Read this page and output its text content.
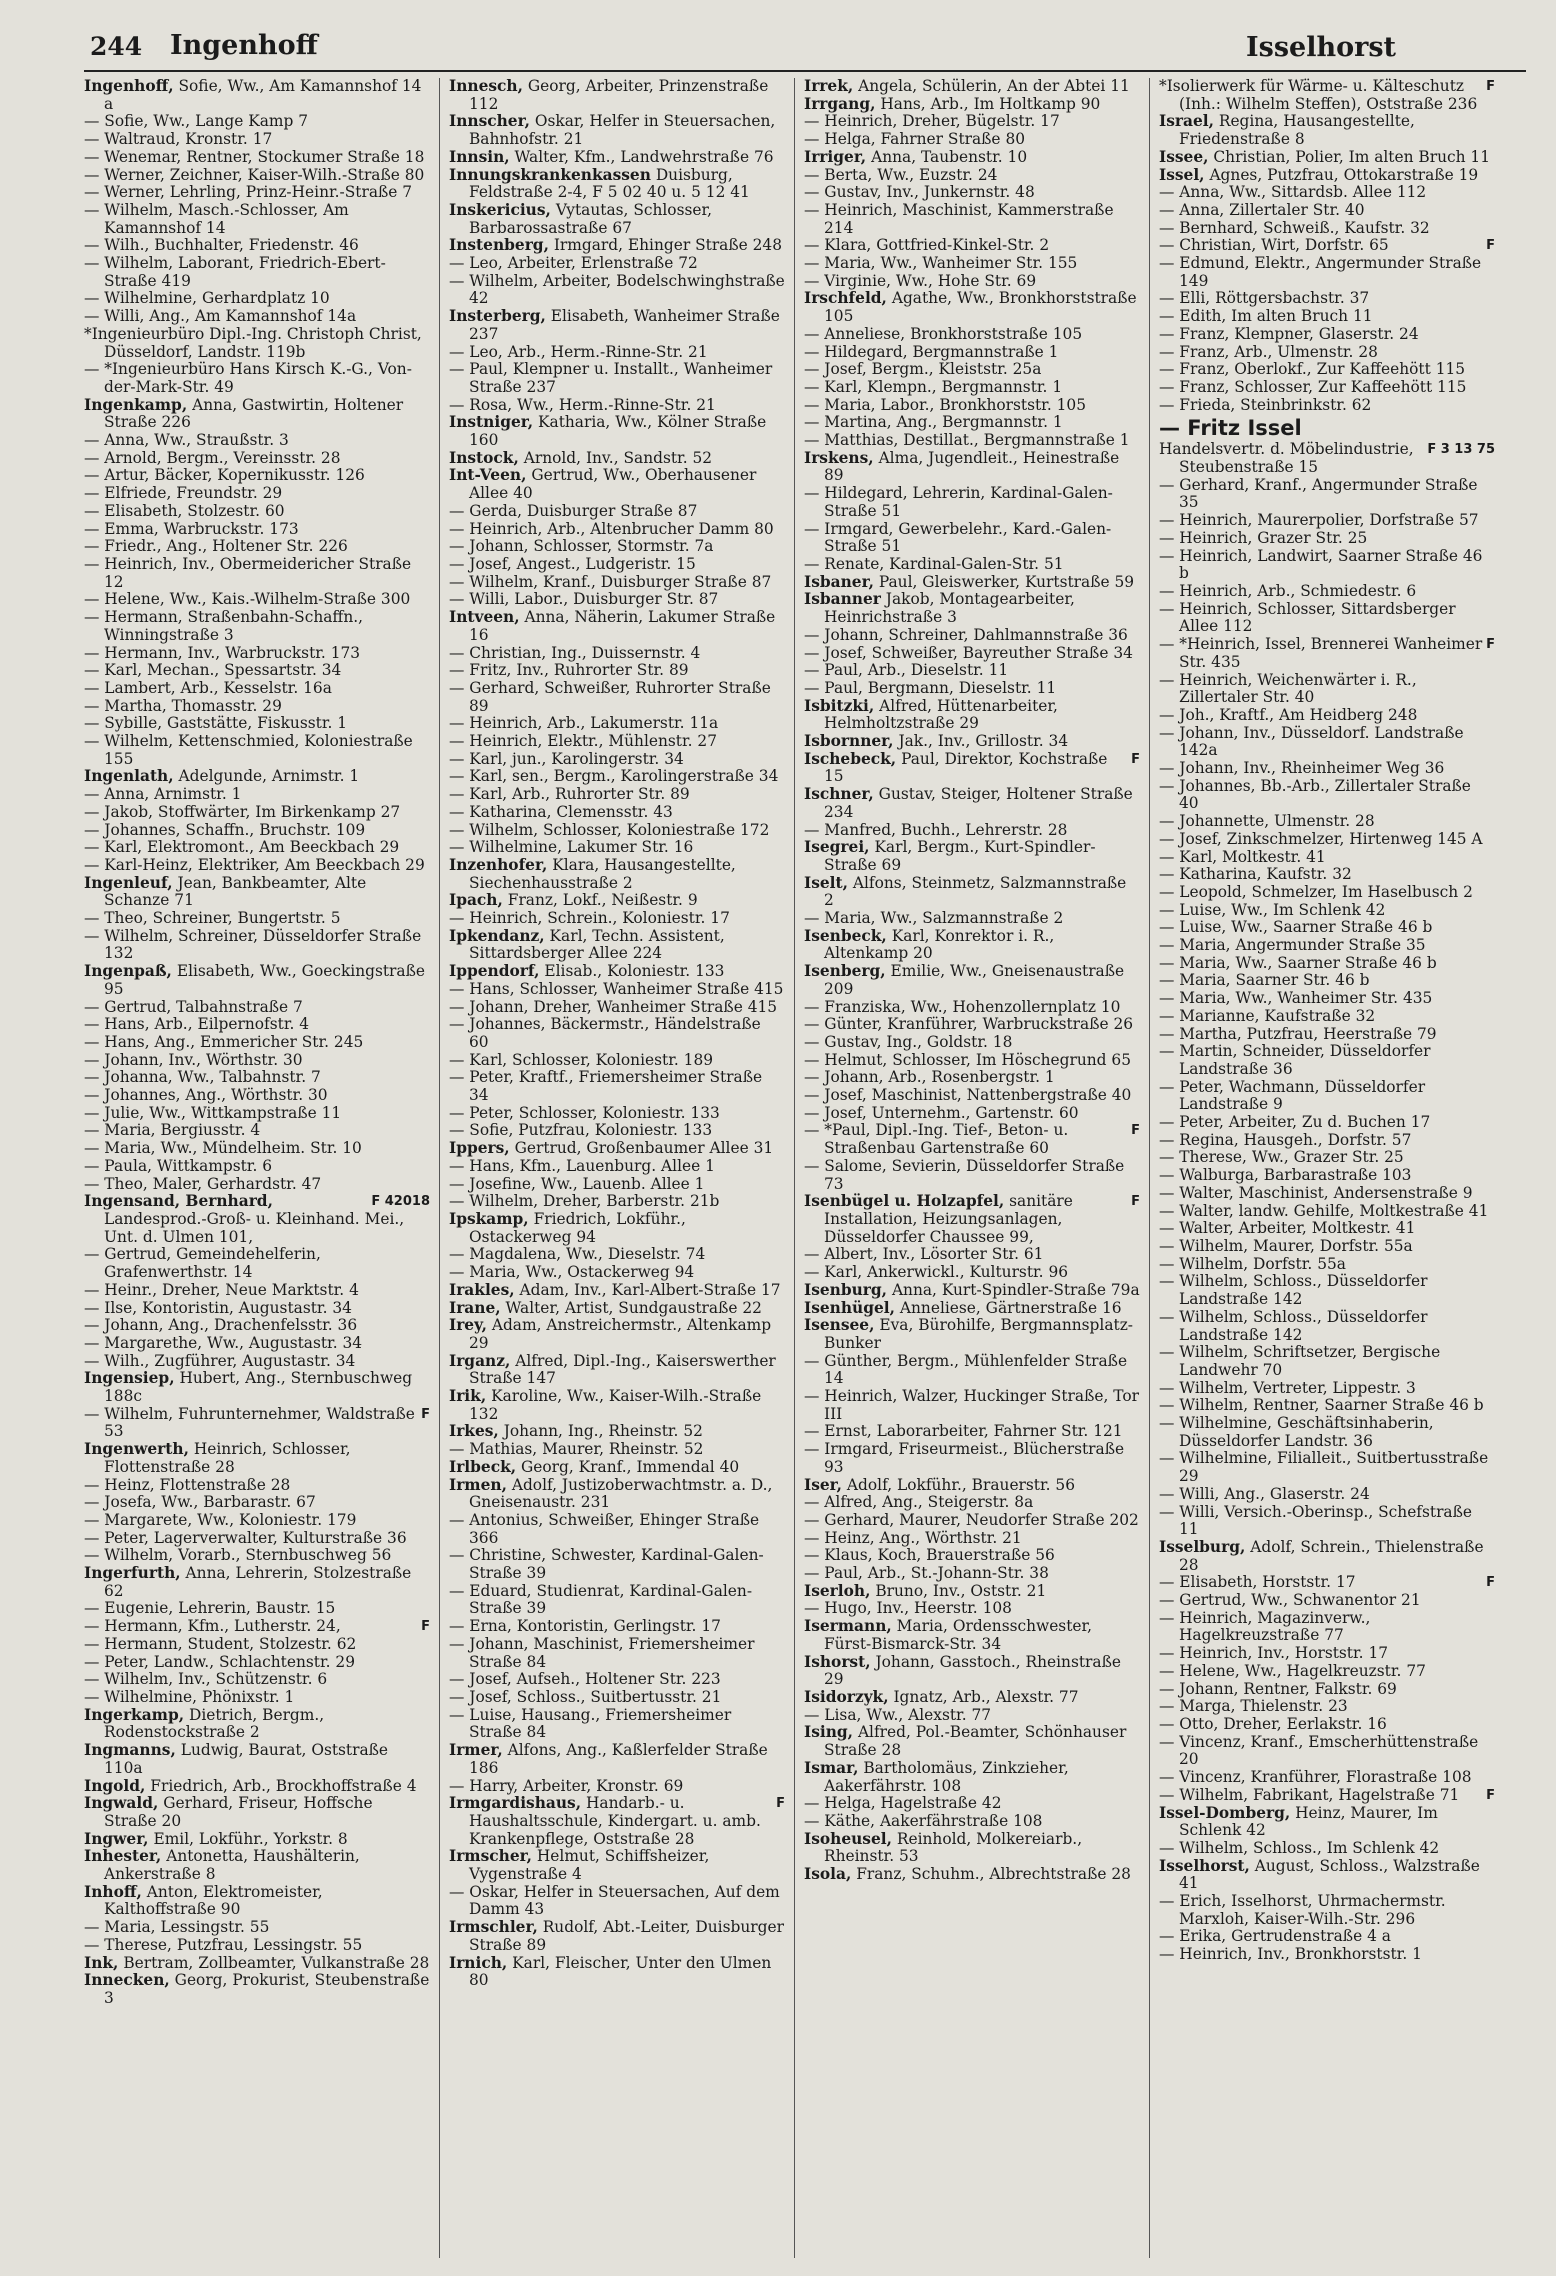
244 Ingenhoff	Isselhorst
Ingenhoff, Sofie, Ww., Am Kamannshof 14 a
— Sofie, Ww., Lange Kamp 7
— Waltraud, Kronstr. 17
— Wenemar, Rentner, Stockumer Straße 18
— Werner, Zeichner, Kaiser-Wilh.-Straße 80
— Werner, Lehrling, Prinz-Heinr.-Straße 7
— Wilhelm, Masch.-Schlosser, Am Kamannshof 14
— Wilh., Buchhalter, Friedenstr. 46
— Wilhelm, Laborant, Friedrich-Ebert-Straße 419
— Wilhelmine, Gerhardplatz 10
— Willi, Ang., Am Kamannshof 14a
*Ingenieurbüro Dipl.-Ing. Christoph Christ, Düsseldorf, Landstr. 119b
— *Ingenieurbüro Hans Kirsch K.-G., Von-der-Mark-Str. 49
Ingenkamp, Anna, Gastwirtin, Holtener Straße 226
— Anna, Ww., Straußstr. 3
— Arnold, Bergm., Vereinsstr. 28
— Artur, Bäcker, Kopernikusstr. 126
— Elfriede, Freundstr. 29
— Elisabeth, Stolzestr. 60
— Emma, Warbruckstr. 173
— Friedr., Ang., Holtener Str. 226
— Heinrich, Inv., Obermeidericher Straße 12
— Helene, Ww., Kais.-Wilhelm-Straße 300
— Hermann, Straßenbahn-Schaffn., Winningstraße 3
— Hermann, Inv., Warbruckstr. 173
— Karl, Mechan., Spessartstr. 34
— Lambert, Arb., Kesselstr. 16a
— Martha, Thomasstr. 29
— Sybille, Gaststätte, Fiskusstr. 1
— Wilhelm, Kettenschmied, Koloniestraße 155
Ingenlath, Adelgunde, Arnimstr. 1
— Anna, Arnimstr. 1
— Jakob, Stoffwärter, Im Birkenkamp 27
— Johannes, Schaffn., Bruchstr. 109
— Karl, Elektromont., Am Beeckbach 29
— Karl-Heinz, Elektriker, Am Beeckbach 29
Ingenleuf, Jean, Bankbeamter, Alte Schanze 71
— Theo, Schreiner, Bungertstr. 5
— Wilhelm, Schreiner, Düsseldorfer Straße 132
Ingenpaß, Elisabeth, Ww., Goeckingstraße 95
— Gertrud, Talbahnstraße 7
— Hans, Arb., Eilpernofstr. 4
— Hans, Ang., Emmericher Str. 245
— Johann, Inv., Wörthstr. 30
— Johanna, Ww., Talbahnstr. 7
— Johannes, Ang., Wörthstr. 30
— Julie, Ww., Wittkampstraße 11
— Maria, Bergiusstr. 4
— Maria, Ww., Mündelheim. Str. 10
— Paula, Wittkampstr. 6
— Theo, Maler, Gerhardstr. 47
F 42018
Ingensand, Bernhard, Landesprod.-Groß- u. Kleinhand. Mei., Unt. d. Ulmen 101,
— Gertrud, Gemeindehelferin, Grafenwerthstr. 14
— Heinr., Dreher, Neue Marktstr. 4
— Ilse, Kontoristin, Augustastr. 34
— Johann, Ang., Drachenfelsstr. 36
— Margarethe, Ww., Augustastr. 34
— Wilh., Zugführer, Augustastr. 34
Ingensiep, Hubert, Ang., Sternbuschweg 188c
F
— Wilhelm, Fuhrunternehmer, Waldstraße 53
Ingenwerth, Heinrich, Schlosser, Flottenstraße 28
— Heinz, Flottenstraße 28
— Josefa, Ww., Barbarastr. 67
— Margarete, Ww., Koloniestr. 179
— Peter, Lagerverwalter, Kulturstraße 36
— Wilhelm, Vorarb., Sternbuschweg 56
Ingerfurth, Anna, Lehrerin, Stolzestraße 62
— Eugenie, Lehrerin, Baustr. 15
F
— Hermann, Kfm., Lutherstr. 24,
— Hermann, Student, Stolzestr. 62
— Peter, Landw., Schlachtenstr. 29
— Wilhelm, Inv., Schützenstr. 6
— Wilhelmine, Phönixstr. 1
Ingerkamp, Dietrich, Bergm., Rodenstockstraße 2
Ingmanns, Ludwig, Baurat, Oststraße 110a
Ingold, Friedrich, Arb., Brockhoffstraße 4
Ingwald, Gerhard, Friseur, Hoffsche Straße 20
Ingwer, Emil, Lokführ., Yorkstr. 8
Inhester, Antonetta, Haushälterin, Ankerstraße 8
Inhoff, Anton, Elektromeister, Kalthoffstraße 90
— Maria, Lessingstr. 55
— Therese, Putzfrau, Lessingstr. 55
Ink, Bertram, Zollbeamter, Vulkanstraße 28
Innecken, Georg, Prokurist, Steubenstraße 3
Innesch, Georg, Arbeiter, Prinzenstraße 112
Innscher, Oskar, Helfer in Steuersachen, Bahnhofstr. 21
Innsin, Walter, Kfm., Landwehrstraße 76
Innungskrankenkassen Duisburg, Feldstraße 2-4, F 5 02 40 u. 5 12 41
Inskericius, Vytautas, Schlosser, Barbarossastraße 67
Instenberg, Irmgard, Ehinger Straße 248
— Leo, Arbeiter, Erlenstraße 72
— Wilhelm, Arbeiter, Bodelschwinghstraße 42
Insterberg, Elisabeth, Wanheimer Straße 237
— Leo, Arb., Herm.-Rinne-Str. 21
— Paul, Klempner u. Installt., Wanheimer Straße 237
— Rosa, Ww., Herm.-Rinne-Str. 21
Instniger, Katharia, Ww., Kölner Straße 160
Instock, Arnold, Inv., Sandstr. 52
Int-Veen, Gertrud, Ww., Oberhausener Allee 40
— Gerda, Duisburger Straße 87
— Heinrich, Arb., Altenbrucher Damm 80
— Johann, Schlosser, Stormstr. 7a
— Josef, Angest., Ludgeristr. 15
— Wilhelm, Kranf., Duisburger Straße 87
— Willi, Labor., Duisburger Str. 87
Intveen, Anna, Näherin, Lakumer Straße 16
— Christian, Ing., Duissernstr. 4
— Fritz, Inv., Ruhrorter Str. 89
— Gerhard, Schweißer, Ruhrorter Straße 89
— Heinrich, Arb., Lakumerstr. 11a
— Heinrich, Elektr., Mühlenstr. 27
— Karl, jun., Karolingerstr. 34
— Karl, sen., Bergm., Karolingerstraße 34
— Karl, Arb., Ruhrorter Str. 89
— Katharina, Clemensstr. 43
— Wilhelm, Schlosser, Koloniestraße 172
— Wilhelmine, Lakumer Str. 16
Inzenhofer, Klara, Hausangestellte, Siechenhausstraße 2
Ipach, Franz, Lokf., Neißestr. 9
— Heinrich, Schrein., Koloniestr. 17
Ipkendanz, Karl, Techn. Assistent, Sittardsberger Allee 224
Ippendorf, Elisab., Koloniestr. 133
— Hans, Schlosser, Wanheimer Straße 415
— Johann, Dreher, Wanheimer Straße 415
— Johannes, Bäckermstr., Händelstraße 60
— Karl, Schlosser, Koloniestr. 189
— Peter, Kraftf., Friemersheimer Straße 34
— Peter, Schlosser, Koloniestr. 133
— Sofie, Putzfrau, Koloniestr. 133
Ippers, Gertrud, Großenbaumer Allee 31
— Hans, Kfm., Lauenburg. Allee 1
— Josefine, Ww., Lauenb. Allee 1
— Wilhelm, Dreher, Barberstr. 21b
Ipskamp, Friedrich, Lokführ., Ostackerweg 94
— Magdalena, Ww., Dieselstr. 74
— Maria, Ww., Ostackerweg 94
Irakles, Adam, Inv., Karl-Albert-Straße 17
Irane, Walter, Artist, Sundgaustraße 22
Irey, Adam, Anstreichermstr., Altenkamp 29
Irganz, Alfred, Dipl.-Ing., Kaiserswerther Straße 147
Irik, Karoline, Ww., Kaiser-Wilh.-Straße 132
Irkes, Johann, Ing., Rheinstr. 52
— Mathias, Maurer, Rheinstr. 52
Irlbeck, Georg, Kranf., Immendal 40
Irmen, Adolf, Justizoberwachtmstr. a. D., Gneisenaustr. 231
— Antonius, Schweißer, Ehinger Straße 366
— Christine, Schwester, Kardinal-Galen-Straße 39
— Eduard, Studienrat, Kardinal-Galen-Straße 39
— Erna, Kontoristin, Gerlingstr. 17
— Johann, Maschinist, Friemersheimer Straße 84
— Josef, Aufseh., Holtener Str. 223
— Josef, Schloss., Suitbertusstr. 21
— Luise, Hausang., Friemersheimer Straße 84
Irmer, Alfons, Ang., Kaßlerfelder Straße 186
— Harry, Arbeiter, Kronstr. 69
F
Irmgardishaus, Handarb.- u. Haushaltsschule, Kindergart. u. amb. Krankenpflege, Oststraße 28
Irmscher, Helmut, Schiffsheizer, Vygenstraße 4
— Oskar, Helfer in Steuersachen, Auf dem Damm 43
Irmschler, Rudolf, Abt.-Leiter, Duisburger Straße 89
Irnich, Karl, Fleischer, Unter den Ulmen 80
Irrek, Angela, Schülerin, An der Abtei 11
Irrgang, Hans, Arb., Im Holtkamp 90
— Heinrich, Dreher, Bügelstr. 17
— Helga, Fahrner Straße 80
Irriger, Anna, Taubenstr. 10
— Berta, Ww., Euzstr. 24
— Gustav, Inv., Junkernstr. 48
— Heinrich, Maschinist, Kammerstraße 214
— Klara, Gottfried-Kinkel-Str. 2
— Maria, Ww., Wanheimer Str. 155
— Virginie, Ww., Hohe Str. 69
Irschfeld, Agathe, Ww., Bronkhorststraße 105
— Anneliese, Bronkhorststraße 105
— Hildegard, Bergmannstraße 1
— Josef, Bergm., Kleiststr. 25a
— Karl, Klempn., Bergmannstr. 1
— Maria, Labor., Bronkhorststr. 105
— Martina, Ang., Bergmannstr. 1
— Matthias, Destillat., Bergmannstraße 1
Irskens, Alma, Jugendleit., Heinestraße 89
— Hildegard, Lehrerin, Kardinal-Galen-Straße 51
— Irmgard, Gewerbelehr., Kard.-Galen-Straße 51
— Renate, Kardinal-Galen-Str. 51
Isbaner, Paul, Gleiswerker, Kurtstraße 59
Isbanner Jakob, Montagearbeiter, Heinrichstraße 3
— Johann, Schreiner, Dahlmannstraße 36
— Josef, Schweißer, Bayreuther Straße 34
— Paul, Arb., Dieselstr. 11
— Paul, Bergmann, Dieselstr. 11
Isbitzki, Alfred, Hüttenarbeiter, Helmholtzstraße 29
Isbornner, Jak., Inv., Grillostr. 34
F
Ischebeck, Paul, Direktor, Kochstraße 15
Ischner, Gustav, Steiger, Holtener Straße 234
— Manfred, Buchh., Lehrerstr. 28
Isegrei, Karl, Bergm., Kurt-Spindler-Straße 69
Iselt, Alfons, Steinmetz, Salzmannstraße 2
— Maria, Ww., Salzmannstraße 2
Isenbeck, Karl, Konrektor i. R., Altenkamp 20
Isenberg, Emilie, Ww., Gneisenaustraße 209
— Franziska, Ww., Hohenzollernplatz 10
— Günter, Kranführer, Warbruckstraße 26
— Gustav, Ing., Goldstr. 18
— Helmut, Schlosser, Im Höschegrund 65
— Johann, Arb., Rosenbergstr. 1
— Josef, Maschinist, Nattenbergstraße 40
— Josef, Unternehm., Gartenstr. 60
F
— *Paul, Dipl.-Ing. Tief-, Beton- u. Straßenbau Gartenstraße 60
— Salome, Sevierin, Düsseldorfer Straße 73
F
Isenbügel u. Holzapfel, sanitäre Installation, Heizungsanlagen, Düsseldorfer Chaussee 99,
— Albert, Inv., Lösorter Str. 61
— Karl, Ankerwickl., Kulturstr. 96
Isenburg, Anna, Kurt-Spindler-Straße 79a
Isenhügel, Anneliese, Gärtnerstraße 16
Isensee, Eva, Bürohilfe, Bergmannsplatz-Bunker
— Günther, Bergm., Mühlenfelder Straße 14
— Heinrich, Walzer, Huckinger Straße, Tor III
— Ernst, Laborarbeiter, Fahrner Str. 121
— Irmgard, Friseurmeist., Blücherstraße 93
Iser, Adolf, Lokführ., Brauerstr. 56
— Alfred, Ang., Steigerstr. 8a
— Gerhard, Maurer, Neudorfer Straße 202
— Heinz, Ang., Wörthstr. 21
— Klaus, Koch, Brauerstraße 56
— Paul, Arb., St.-Johann-Str. 38
Iserloh, Bruno, Inv., Oststr. 21
— Hugo, Inv., Heerstr. 108
Isermann, Maria, Ordensschwester, Fürst-Bismarck-Str. 34
Ishorst, Johann, Gasstoch., Rheinstraße 29
Isidorzyk, Ignatz, Arb., Alexstr. 77
— Lisa, Ww., Alexstr. 77
Ising, Alfred, Pol.-Beamter, Schönhauser Straße 28
Ismar, Bartholomäus, Zinkzieher, Aakerfährstr. 108
— Helga, Hagelstraße 42
— Käthe, Aakerfährstraße 108
Isoheusel, Reinhold, Molkereiarb., Rheinstr. 53
Isola, Franz, Schuhm., Albrechtstraße 28
F
*Isolierwerk für Wärme- u. Kälteschutz (Inh.: Wilhelm Steffen), Oststraße 236
Israel, Regina, Hausangestellte, Friedenstraße 8
Issee, Christian, Polier, Im alten Bruch 11
Issel, Agnes, Putzfrau, Ottokarstraße 19
— Anna, Ww., Sittardsb. Allee 112
— Anna, Zillertaler Str. 40
— Bernhard, Schweiß., Kaufstr. 32
F
— Christian, Wirt, Dorfstr. 65
— Edmund, Elektr., Angermunder Straße 149
— Elli, Röttgersbachstr. 37
— Edith, Im alten Bruch 11
— Franz, Klempner, Glaserstr. 24
— Franz, Arb., Ulmenstr. 28
— Franz, Oberlokf., Zur Kaffeehött 115
— Franz, Schlosser, Zur Kaffeehött 115
— Frieda, Steinbrinkstr. 62
— Fritz Issel
F 3 13 75
Handelsvertr. d. Möbelindustrie, Steubenstraße 15
— Gerhard, Kranf., Angermunder Straße 35
— Heinrich, Maurerpolier, Dorfstraße 57
— Heinrich, Grazer Str. 25
— Heinrich, Landwirt, Saarner Straße 46 b
— Heinrich, Arb., Schmiedestr. 6
— Heinrich, Schlosser, Sittardsberger Allee 112
F
— *Heinrich, Issel, Brennerei Wanheimer Str. 435
— Heinrich, Weichenwärter i. R., Zillertaler Str. 40
— Joh., Kraftf., Am Heidberg 248
— Johann, Inv., Düsseldorf. Landstraße 142a
— Johann, Inv., Rheinheimer Weg 36
— Johannes, Bb.-Arb., Zillertaler Straße 40
— Johannette, Ulmenstr. 28
— Josef, Zinkschmelzer, Hirtenweg 145 A
— Karl, Moltkestr. 41
— Katharina, Kaufstr. 32
— Leopold, Schmelzer, Im Haselbusch 2
— Luise, Ww., Im Schlenk 42
— Luise, Ww., Saarner Straße 46 b
— Maria, Angermunder Straße 35
— Maria, Ww., Saarner Straße 46 b
— Maria, Saarner Str. 46 b
— Maria, Ww., Wanheimer Str. 435
— Marianne, Kaufstraße 32
— Martha, Putzfrau, Heerstraße 79
— Martin, Schneider, Düsseldorfer Landstraße 36
— Peter, Wachmann, Düsseldorfer Landstraße 9
— Peter, Arbeiter, Zu d. Buchen 17
— Regina, Hausgeh., Dorfstr. 57
— Therese, Ww., Grazer Str. 25
— Walburga, Barbarastraße 103
— Walter, Maschinist, Andersenstraße 9
— Walter, landw. Gehilfe, Moltkestraße 41
— Walter, Arbeiter, Moltkestr. 41
— Wilhelm, Maurer, Dorfstr. 55a
— Wilhelm, Dorfstr. 55a
— Wilhelm, Schloss., Düsseldorfer Landstraße 142
— Wilhelm, Schloss., Düsseldorfer Landstraße 142
— Wilhelm, Schriftsetzer, Bergische Landwehr 70
— Wilhelm, Vertreter, Lippestr. 3
— Wilhelm, Rentner, Saarner Straße 46 b
— Wilhelmine, Geschäftsinhaberin, Düsseldorfer Landstr. 36
— Wilhelmine, Filialleit., Suitbertusstraße 29
— Willi, Ang., Glaserstr. 24
— Willi, Versich.-Oberinsp., Schefstraße 11
Isselburg, Adolf, Schrein., Thielenstraße 28
F
— Elisabeth, Horststr. 17
— Gertrud, Ww., Schwanentor 21
— Heinrich, Magazinverw., Hagelkreuzstraße 77
— Heinrich, Inv., Horststr. 17
— Helene, Ww., Hagelkreuzstr. 77
— Johann, Rentner, Falkstr. 69
— Marga, Thielenstr. 23
— Otto, Dreher, Eerlakstr. 16
— Vincenz, Kranf., Emscherhüttenstraße 20
— Vincenz, Kranführer, Florastraße 108
F
— Wilhelm, Fabrikant, Hagelstraße 71
Issel-Domberg, Heinz, Maurer, Im Schlenk 42
— Wilhelm, Schloss., Im Schlenk 42
Isselhorst, August, Schloss., Walzstraße 41
— Erich, Isselhorst, Uhrmachermstr. Marxloh, Kaiser-Wilh.-Str. 296
— Erika, Gertrudenstraße 4 a
— Heinrich, Inv., Bronkhorststr. 1
